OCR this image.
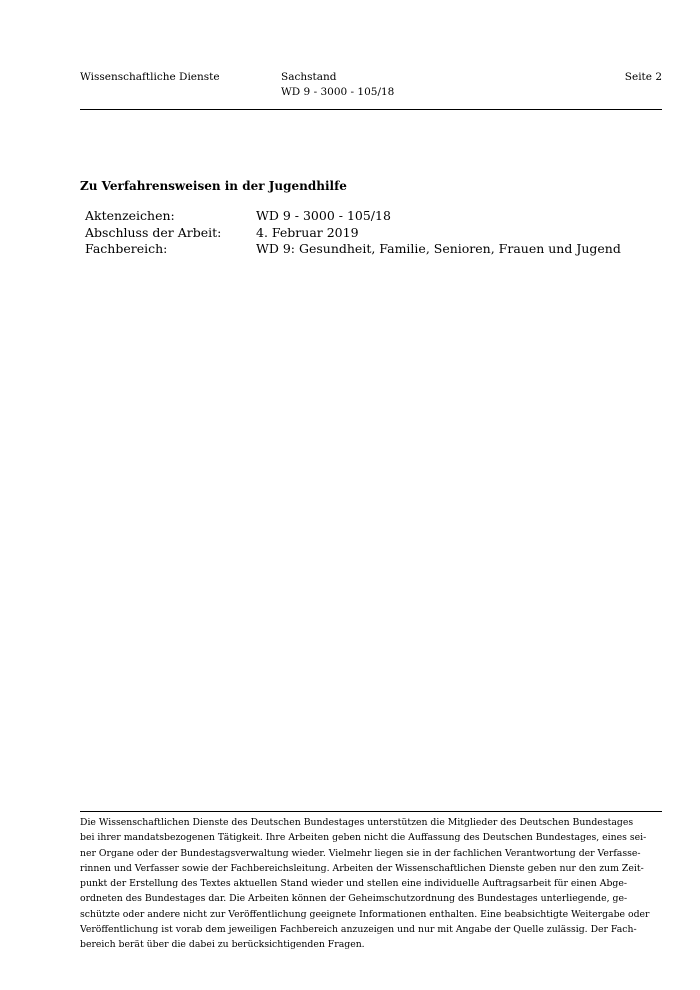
Wissenschaftliche Dienste	Sachstand
WD 9 - 3000 - 105/18
Seite 2
Zu Verfahrensweisen in der Jugendhilfe
Aktenzeichen:	WD 9 - 3000 - 105/18
Abschluss der Arbeit:	4. Februar 2019
Fachbereich:	WD 9: Gesundheit, Familie, Senioren, Frauen und Jugend
Die Wissenschaftlichen Dienste des Deutschen Bundestages unterstützen die Mitglieder des Deutschen Bundestages
bei ihrer mandatsbezogenen Tätigkeit. Ihre Arbeiten geben nicht die Auffassung des Deutschen Bundestages, eines sei-
ner Organe oder der Bundestagsverwaltung wieder. Vielmehr liegen sie in der fachlichen Verantwortung der Verfasse-
rinnen und Verfasser sowie der Fachbereichsleitung. Arbeiten der Wissenschaftlichen Dienste geben nur den zum Zeit-
punkt der Erstellung des Textes aktuellen Stand wieder und stellen eine individuelle Auftragsarbeit für einen Abge-
ordneten des Bundestages dar. Die Arbeiten können der Geheimschutzordnung des Bundestages unterliegende, ge-
schützte oder andere nicht zur Veröffentlichung geeignete Informationen enthalten. Eine beabsichtigte Weitergabe oder
Veröffentlichung ist vorab dem jeweiligen Fachbereich anzuzeigen und nur mit Angabe der Quelle zulässig. Der Fach-
bereich berät über die dabei zu berücksichtigenden Fragen.
